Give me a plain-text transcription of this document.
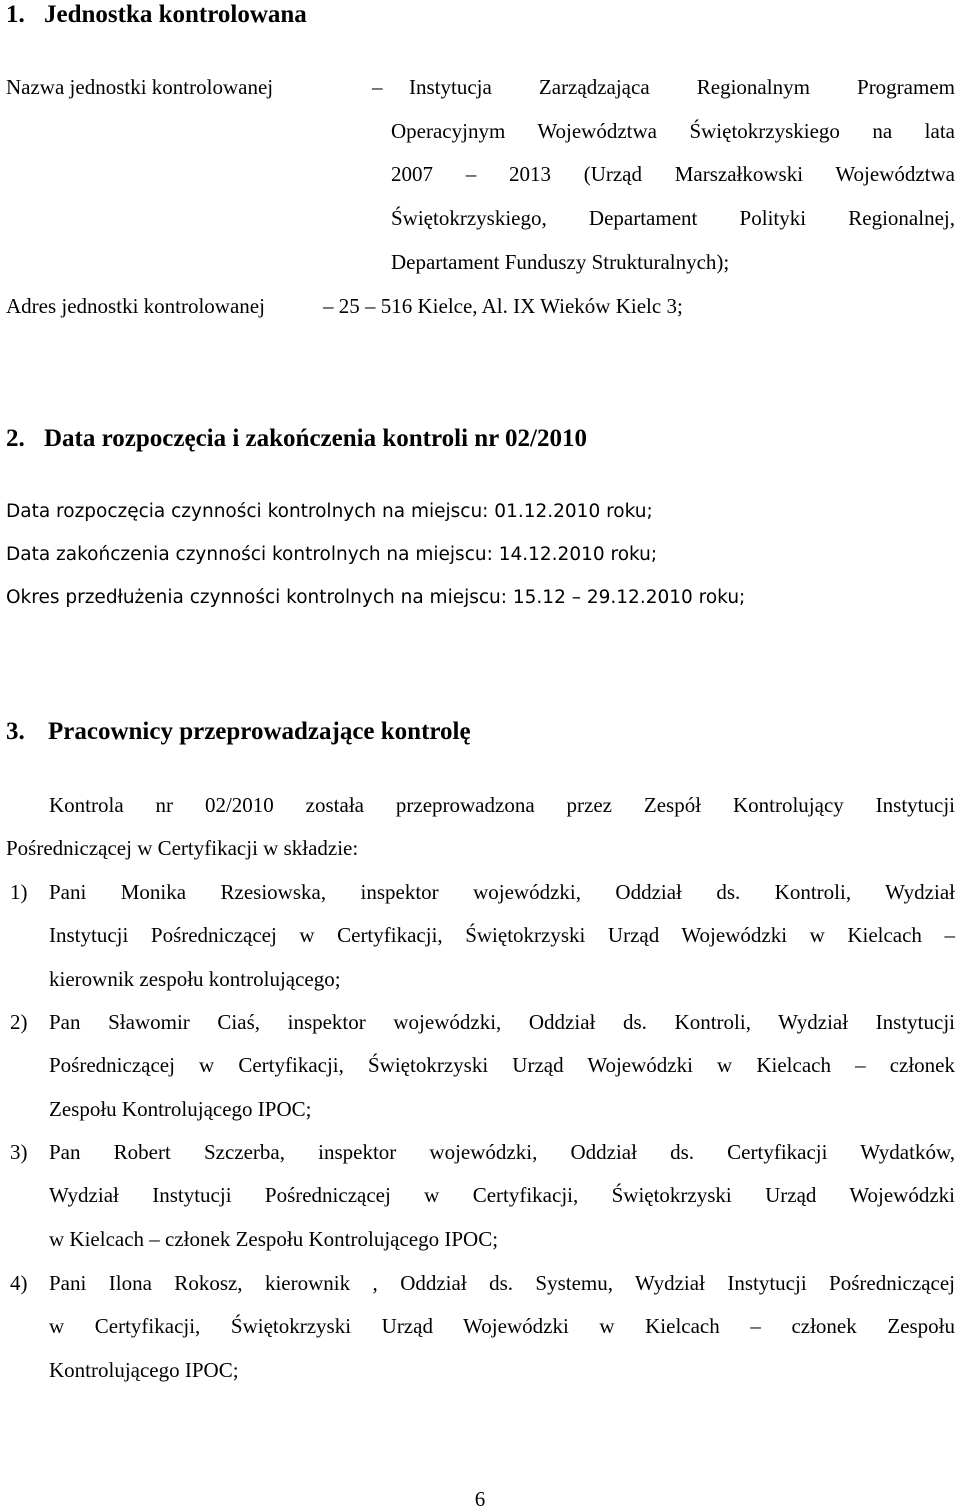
1. Jednostka kontrolowana
Nazwa jednostki kontrolowanej	– Instytucja Zarządzająca Regionalnym Programem
Operacyjnym Województwa Świętokrzyskiego na lata
2007 – 2013 (Urząd Marszałkowski Województwa
Świętokrzyskiego, Departament Polityki Regionalnej,
Departament Funduszy Strukturalnych);
Adres jednostki kontrolowanej	– 25 – 516 Kielce, Al. IX Wieków Kielc 3;
2. Data rozpoczęcia i zakończenia kontroli nr 02/2010
Data rozpoczęcia czynności kontrolnych na miejscu: 01.12.2010 roku;
Data zakończenia czynności kontrolnych na miejscu: 14.12.2010 roku;
Okres przedłużenia czynności kontrolnych na miejscu: 15.12 – 29.12.2010 roku;
3. Pracownicy przeprowadzające kontrolę
Kontrola nr 02/2010 została przeprowadzona przez Zespół Kontrolujący Instytucji
Pośredniczącej w Certyfikacji w składzie:
1) Pani Monika Rzesiowska, inspektor wojewódzki, Oddział ds. Kontroli, Wydział
Instytucji Pośredniczącej w Certyfikacji, Świętokrzyski Urząd Wojewódzki w Kielcach –
kierownik zespołu kontrolującego;
2) Pan Sławomir Ciaś, inspektor wojewódzki, Oddział ds. Kontroli, Wydział Instytucji
Pośredniczącej w Certyfikacji, Świętokrzyski Urząd Wojewódzki w Kielcach – członek
Zespołu Kontrolującego IPOC;
3) Pan Robert Szczerba, inspektor wojewódzki, Oddział ds. Certyfikacji Wydatków,
Wydział Instytucji Pośredniczącej w Certyfikacji, Świętokrzyski Urząd Wojewódzki
w Kielcach – członek Zespołu Kontrolującego IPOC;
4) Pani Ilona Rokosz, kierownik , Oddział ds. Systemu, Wydział Instytucji Pośredniczącej
w Certyfikacji, Świętokrzyski Urząd Wojewódzki w Kielcach – członek Zespołu
Kontrolującego IPOC;
6
